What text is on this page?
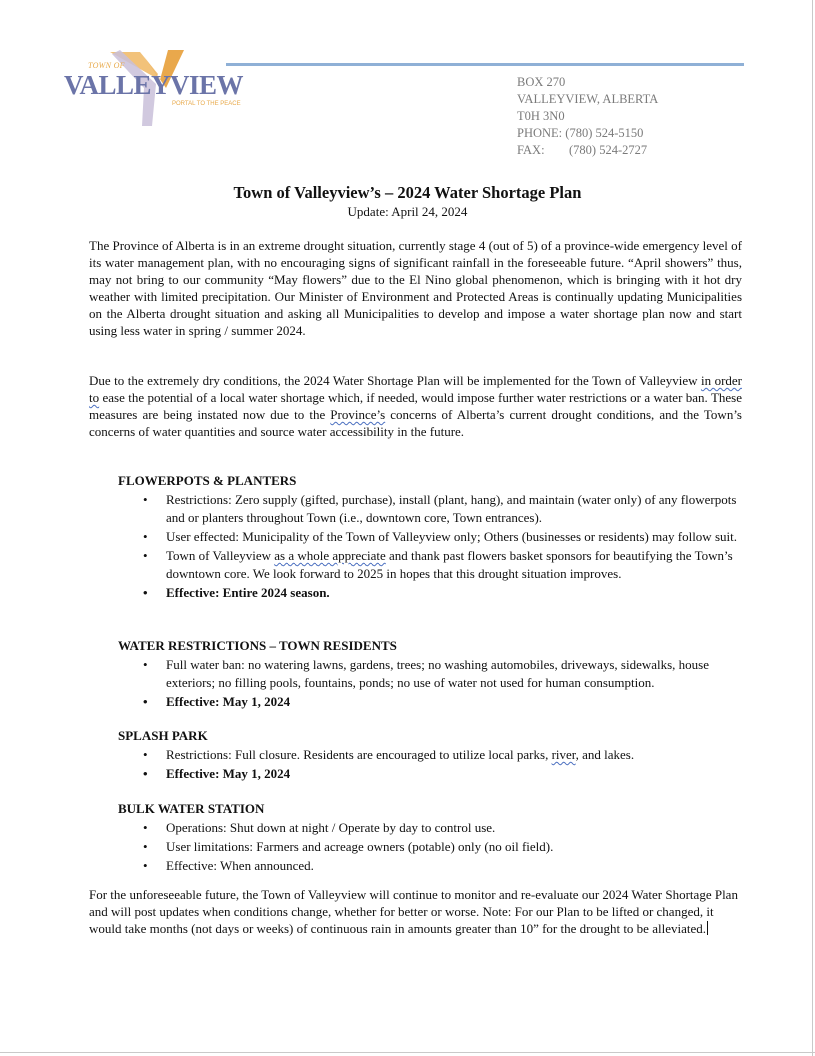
TOWN OF
VALLEYVIEW
PORTAL TO THE PEACE
BOX 270
VALLEYVIEW, ALBERTA
T0H 3N0
PHONE: (780) 524-5150
FAX: (780) 524-2727
Town of Valleyview’s – 2024 Water Shortage Plan
Update: April 24, 2024

The Province of Alberta is in an extreme drought situation, currently stage 4 (out of 5) of a province-wide emergency level of its water management plan, with no encouraging signs of significant rainfall in the foreseeable future. “April showers” thus, may not bring to our community “May flowers” due to the El Nino global phenomenon, which is bringing with it hot dry weather with limited precipitation. Our Minister of Environment and Protected Areas is continually updating Municipalities on the Alberta drought situation and asking all Municipalities to develop and impose a water shortage plan now and start using less water in spring / summer 2024.

Due to the extremely dry conditions, the 2024 Water Shortage Plan will be implemented for the Town of Valleyview in order to ease the potential of a local water shortage which, if needed, would impose further water restrictions or a water ban. These measures are being instated now due to the Province’s concerns of Alberta’s current drought conditions, and the Town’s concerns of water quantities and source water accessibility in the future.

FLOWERPOTS & PLANTERS
• Restrictions: Zero supply (gifted, purchase), install (plant, hang), and maintain (water only) of any flowerpots and or planters throughout Town (i.e., downtown core, Town entrances).
• User effected: Municipality of the Town of Valleyview only; Others (businesses or residents) may follow suit.
• Town of Valleyview as a whole appreciate and thank past flowers basket sponsors for beautifying the Town’s downtown core. We look forward to 2025 in hopes that this drought situation improves.
• Effective: Entire 2024 season.
WATER RESTRICTIONS – TOWN RESIDENTS
• Full water ban: no watering lawns, gardens, trees; no washing automobiles, driveways, sidewalks, house exteriors; no filling pools, fountains, ponds; no use of water not used for human consumption.
• Effective: May 1, 2024
SPLASH PARK
• Restrictions: Full closure. Residents are encouraged to utilize local parks, river, and lakes.
• Effective: May 1, 2024
BULK WATER STATION
• Operations: Shut down at night / Operate by day to control use.
• User limitations: Farmers and acreage owners (potable) only (no oil field).
• Effective: When announced.

For the unforeseeable future, the Town of Valleyview will continue to monitor and re-evaluate our 2024 Water Shortage Plan and will post updates when conditions change, whether for better or worse. Note: For our Plan to be lifted or changed, it would take months (not days or weeks) of continuous rain in amounts greater than 10” for the drought to be alleviated.
